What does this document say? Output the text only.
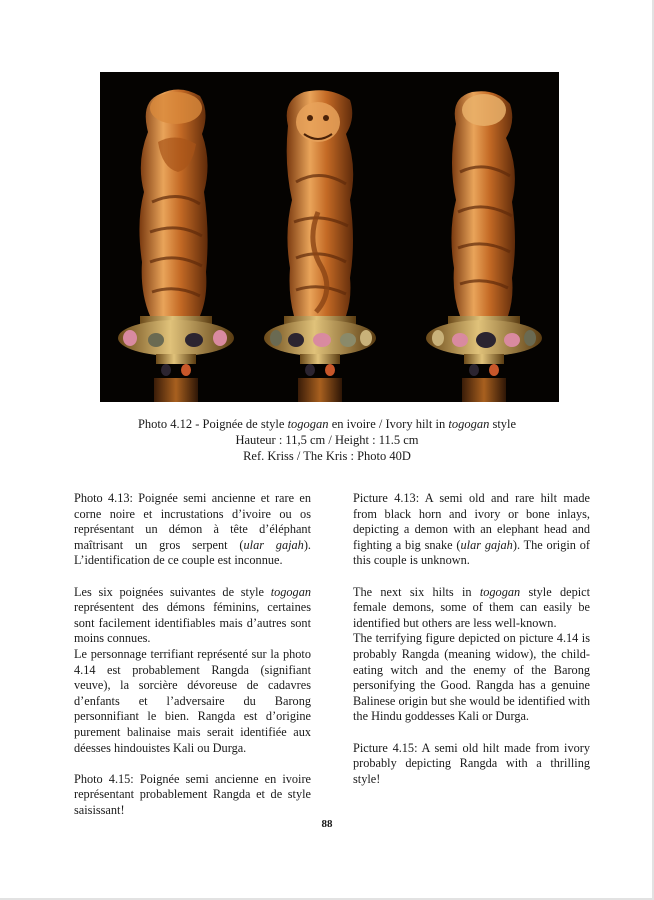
Photo 4.12 - Poignée de style togogan en ivoire / Ivory hilt in togogan style
Hauteur : 11,5 cm / Height : 11.5 cm
Ref. Kriss / The Kris : Photo 40D

Photo 4.13: Poignée semi ancienne et rare en corne noire et incrustations d’ivoire ou os représentant un démon à tête d’éléphant maîtrisant un gros serpent (ular gajah). L’identification de ce couple est inconnue.

Les six poignées suivantes de style togogan représentent des démons féminins, certaines sont facilement identifiables mais d’autres sont moins connues.

Le personnage terrifiant représenté sur la photo 4.14 est probablement Rangda (signifiant veuve), la sorcière dévoreuse de cadavres d’enfants et l’adversaire du Barong personnifiant le bien. Rangda est d’origine purement balinaise mais serait identifiée aux déesses hindouistes Kali ou Durga.

Photo 4.15: Poignée semi ancienne en ivoire représentant probablement Rangda et de style saisissant!

Picture 4.13: A semi old and rare hilt made from black horn and ivory or bone inlays, depicting a demon with an elephant head and fighting a big snake (ular gajah). The origin of this couple is unknown.

The next six hilts in togogan style depict female demons, some of them can easily be identified but others are less well-known.

The terrifying figure depicted on picture 4.14 is probably Rangda (meaning widow), the child-eating witch and the enemy of the Barong personifying the Good. Rangda has a genuine Balinese origin but she would be identified with the Hindu goddesses Kali or Durga.

Picture 4.15: A semi old hilt made from ivory probably depicting Rangda with a thrilling style!

88
